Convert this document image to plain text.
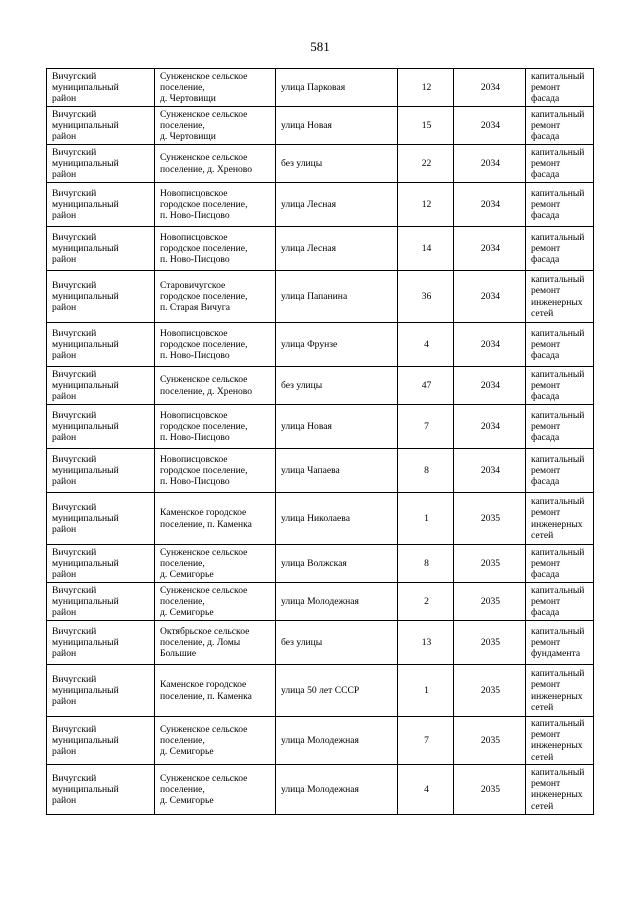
581
Вичугский
муниципальный
район	Сунженское сельское
поселение,
д. Чертовищи	улица Парковая	12	2034	капитальный
ремонт фасада

Вичугский
муниципальный
район	Сунженское сельское
поселение,
д. Чертовищи	улица Новая	15	2034	капитальный
ремонт фасада

Вичугский
муниципальный
район	Сунженское сельское
поселение, д. Хреново	без улицы	22	2034	капитальный
ремонт фасада

Вичугский
муниципальный
район	Новописцовское
городское поселение,
п. Ново-Писцово	улица Лесная	12	2034	капитальный
ремонт фасада

Вичугский
муниципальный
район	Новописцовское
городское поселение,
п. Ново-Писцово	улица Лесная	14	2034	капитальный
ремонт фасада

Вичугский
муниципальный
район	Старовичугское
городское поселение,
п. Старая Вичуга	улица Папанина	36	2034	капитальный
ремонт
инженерных
сетей

Вичугский
муниципальный
район	Новописцовское
городское поселение,
п. Ново-Писцово	улица Фрунзе	4	2034	капитальный
ремонт фасада

Вичугский
муниципальный
район	Сунженское сельское
поселение, д. Хреново	без улицы	47	2034	капитальный
ремонт фасада

Вичугский
муниципальный
район	Новописцовское
городское поселение,
п. Ново-Писцово	улица Новая	7	2034	капитальный
ремонт фасада

Вичугский
муниципальный
район	Новописцовское
городское поселение,
п. Ново-Писцово	улица Чапаева	8	2034	капитальный
ремонт фасада

Вичугский
муниципальный
район	Каменское городское
поселение, п. Каменка	улица Николаева	1	2035	капитальный
ремонт
инженерных
сетей

Вичугский
муниципальный
район	Сунженское сельское
поселение,
д. Семигорье	улица Волжская	8	2035	капитальный
ремонт фасада

Вичугский
муниципальный
район	Сунженское сельское
поселение,
д. Семигорье	улица Молодежная	2	2035	капитальный
ремонт фасада

Вичугский
муниципальный
район	Октябрьское сельское
поселение, д. Ломы
Большие	без улицы	13	2035	капитальный
ремонт
фундамента

Вичугский
муниципальный
район	Каменское городское
поселение, п. Каменка	улица 50 лет СССР	1	2035	капитальный
ремонт
инженерных
сетей

Вичугский
муниципальный
район	Сунженское сельское
поселение,
д. Семигорье	улица Молодежная	7	2035	капитальный
ремонт
инженерных
сетей

Вичугский
муниципальный
район	Сунженское сельское
поселение,
д. Семигорье	улица Молодежная	4	2035	капитальный
ремонт
инженерных
сетей
